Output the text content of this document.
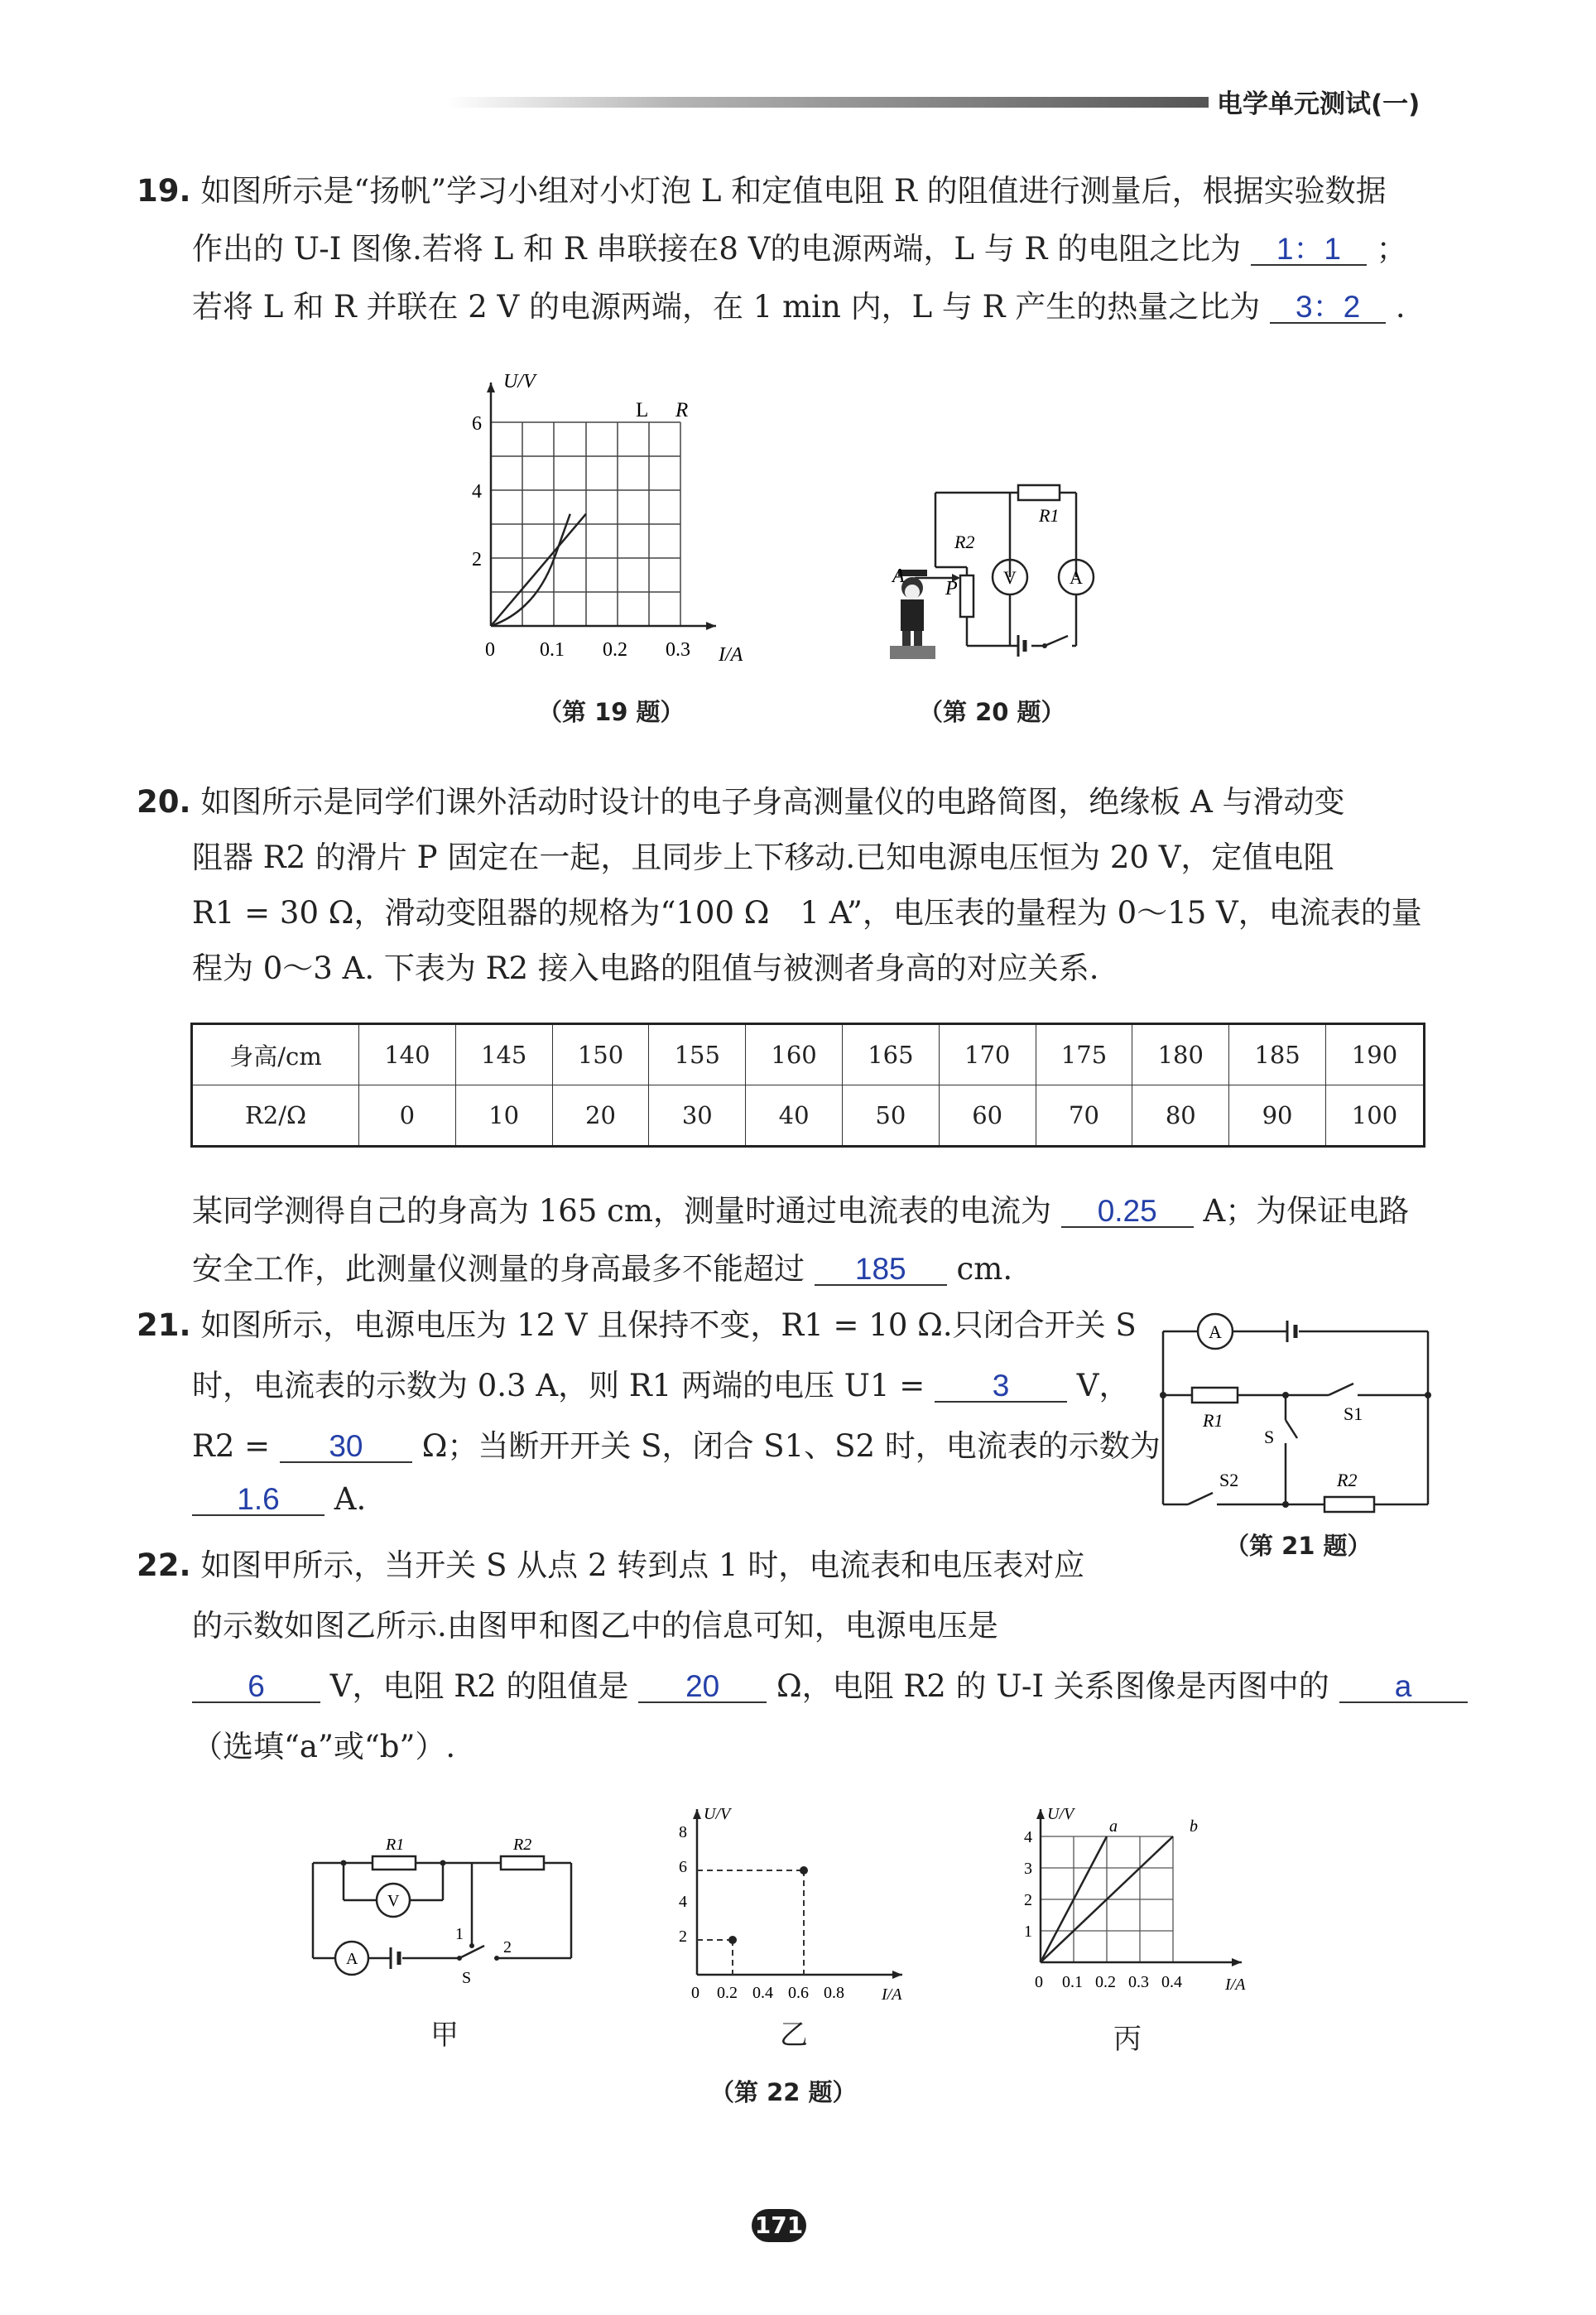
电学单元测试(一)
19. 如图所示是“扬帆”学习小组对小灯泡 L 和定值电阻 R 的阻值进行测量后，根据实验数据
作出的 U-I 图像.若将 L 和 R 串联接在8 V的电源两端，L 与 R 的电阻之比为 1：1 ；
若将 L 和 R 并联在 2 V 的电源两端，在 1 min 内，L 与 R 产生的热量之比为 3：2 .
U/V
I/A
6
4
2
0 0.1 0.2 0.3
L R
（第 19 题）
A
P
R2
R1
V	A
（第 20 题）
20. 如图所示是同学们课外活动时设计的电子身高测量仪的电路简图，绝缘板 A 与滑动变
阻器 R2 的滑片 P 固定在一起，且同步上下移动.已知电源电压恒为 20 V，定值电阻
R1 = 30 Ω，滑动变阻器的规格为“100 Ω　1 A”，电压表的量程为 0～15 V，电流表的量
程为 0～3 A. 下表为 R2 接入电路的阻值与被测者身高的对应关系.
身高/cm	140	145	150	155	160	165	170	175	180	185	190
R2/Ω	0	10	20	30	40	50	60	70	80	90	100
某同学测得自己的身高为 165 cm，测量时通过电流表的电流为 0.25 A；为保证电路
安全工作，此测量仪测量的身高最多不能超过 185 cm.
21. 如图所示，电源电压为 12 V 且保持不变，R1 = 10 Ω.只闭合开关 S
时，电流表的示数为 0.3 A，则 R1 两端的电压 U1 = 3 V，
R2 = 30 Ω；当断开开关 S，闭合 S1、S2 时，电流表的示数为
1.6 A.
A
R1	S1
S
S2	R2
（第 21 题）
22. 如图甲所示，当开关 S 从点 2 转到点 1 时，电流表和电压表对应
的示数如图乙所示.由图甲和图乙中的信息可知，电源电压是
6 V，电阻 R2 的阻值是 20 Ω，电阻 R2 的 U-I 关系图像是丙图中的 a
（选填“a”或“b”）.
R1	R2
V
A
1
2
S
甲
U/V
I/A
8
6
4
2
0 0.2 0.4 0.6 0.8
乙
U/V
I/A
4
3
2
1
0 0.1 0.2 0.3 0.4
a	b
丙
（第 22 题）
171
